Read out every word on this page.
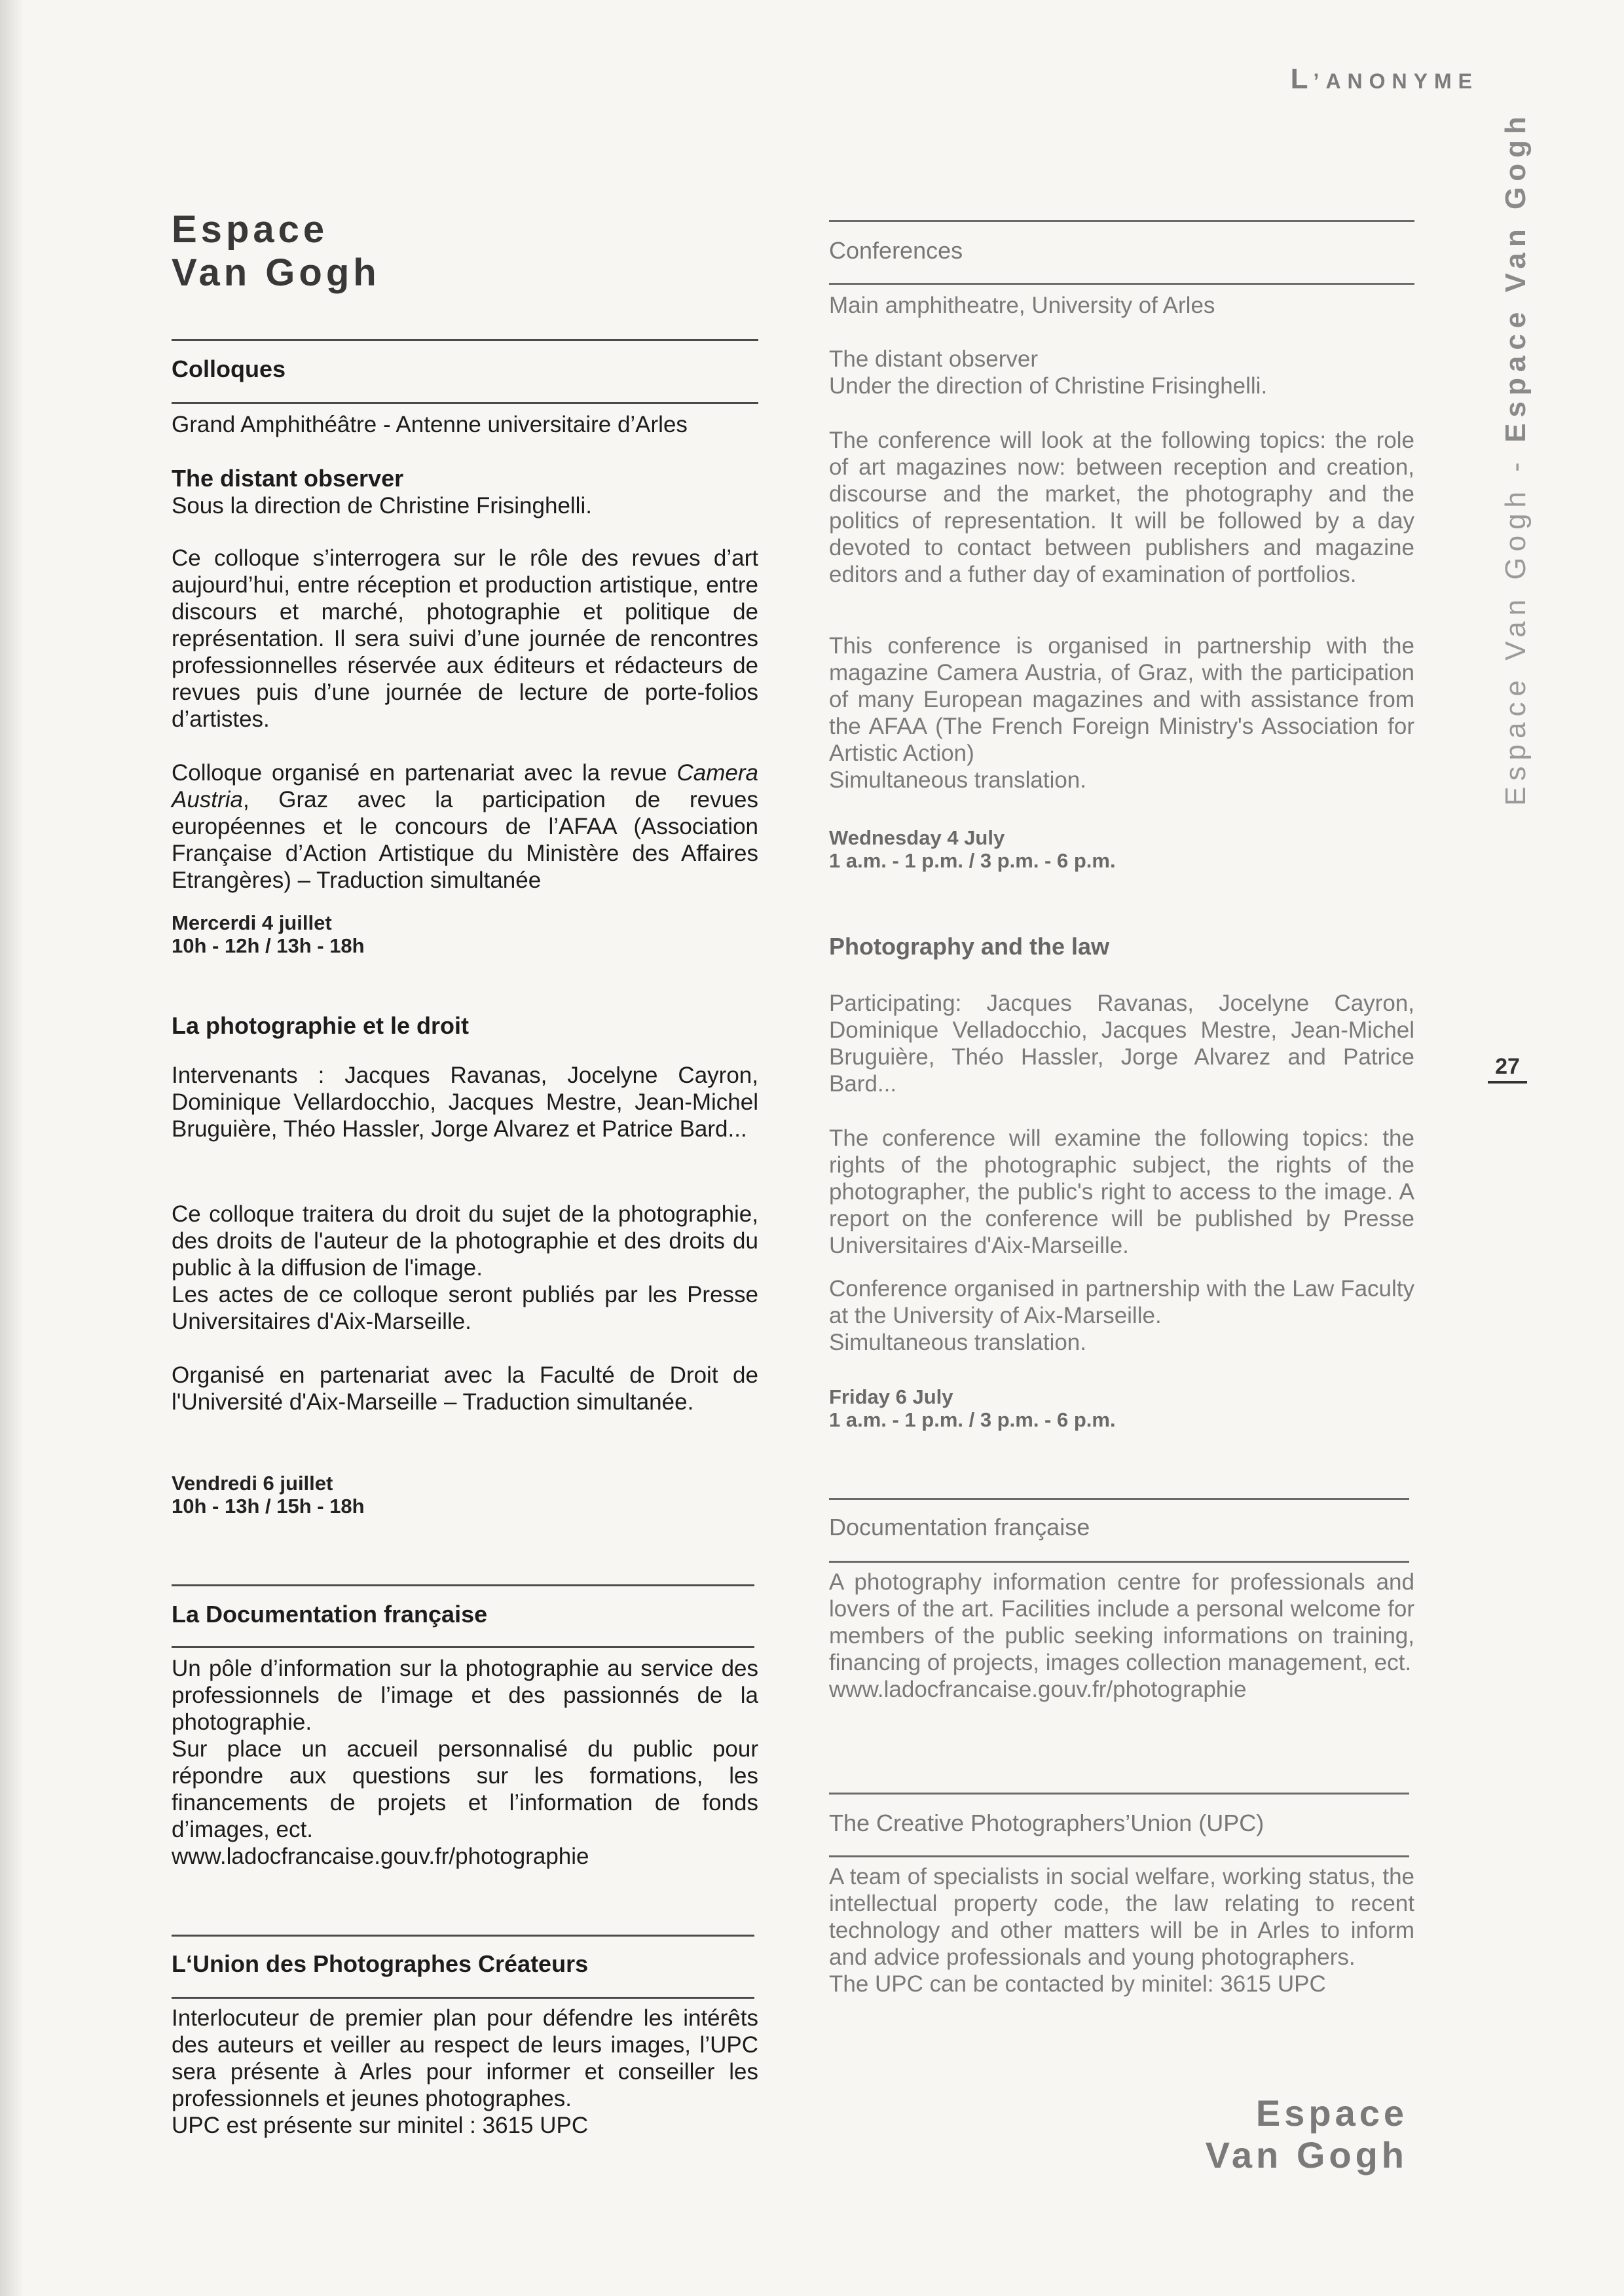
L’ANONYME
Espace Van Gogh - Espace Van Gogh
27
Espace
Van Gogh
Colloques
Grand Amphithéâtre - Antenne universitaire d’Arles

The distant observer

Sous la direction de Christine Frisinghelli.

Ce colloque s’interrogera sur le rôle des revues d’art aujourd’hui, entre réception et production artistique, entre discours et marché, photographie et politique de représentation. Il sera suivi d’une journée de rencontres professionnelles réservée aux éditeurs et rédacteurs de revues puis d’une journée de lecture de porte-folios d’artistes.

Colloque organisé en partenariat avec la revue Camera Austria, Graz avec la participation de revues européennes et le concours de l’AFAA (Association Française d’Action Artistique du Ministère des Affaires Etrangères) – Traduction simultanée

Mercerdi 4 juillet

10h - 12h / 13h - 18h

La photographie et le droit

Intervenants : Jacques Ravanas, Jocelyne Cayron, Dominique Vellardocchio, Jacques Mestre, Jean-Michel Bruguière, Théo Hassler, Jorge Alvarez et Patrice Bard...

Ce colloque traitera du droit du sujet de la photographie, des droits de l'auteur de la photographie et des droits du public à la diffusion de l'image.

Les actes de ce colloque seront publiés par les Presse Universitaires d'Aix-Marseille.

Organisé en partenariat avec la Faculté de Droit de l'Université d'Aix-Marseille – Traduction simultanée.

Vendredi 6 juillet

10h - 13h / 15h - 18h

La Documentation française

Un pôle d’information sur la photographie au service des professionnels de l’image et des passionnés de la photographie.

Sur place un accueil personnalisé du public pour répondre aux questions sur les formations, les financements de projets et l’information de fonds d’images, ect.

www.ladocfrancaise.gouv.fr/photographie

L‘Union des Photographes Créateurs

Interlocuteur de premier plan pour défendre les intérêts des auteurs et veiller au respect de leurs images, l’UPC sera présente à Arles pour informer et conseiller les professionnels et jeunes photographes.

UPC est présente sur minitel : 3615 UPC

Conferences
Main amphitheatre, University of Arles

The distant observer

Under the direction of Christine Frisinghelli.

The conference will look at the following topics: the role of art magazines now: between reception and creation, discourse and the market, the photography and the politics of representation. It will be followed by a day devoted to contact between publishers and magazine editors and a futher day of examination of portfolios.

This conference is organised in partnership with the magazine Camera Austria, of Graz, with the participation of many European magazines and with assistance from the AFAA (The French Foreign Ministry's Association for Artistic Action)

Simultaneous translation.

Wednesday 4 July

1 a.m. - 1 p.m. / 3 p.m. - 6 p.m.

Photography and the law

Participating: Jacques Ravanas, Jocelyne Cayron, Dominique Velladocchio, Jacques Mestre, Jean-Michel Bruguière, Théo Hassler, Jorge Alvarez and Patrice Bard...

The conference will examine the following topics: the rights of the photographic subject, the rights of the photographer, the public's right to access to the image. A report on the conference will be published by Presse Universitaires d'Aix-Marseille.

Conference organised in partnership with the Law Faculty at the University of Aix-Marseille.

Simultaneous translation.

Friday 6 July

1 a.m. - 1 p.m. / 3 p.m. - 6 p.m.

Documentation française

A photography information centre for professionals and lovers of the art. Facilities include a personal welcome for members of the public seeking informations on training, financing of projects, images collection management, ect.

www.ladocfrancaise.gouv.fr/photographie

The Creative Photographers’Union (UPC)

A team of specialists in social welfare, working status, the intellectual property code, the law relating to recent technology and other matters will be in Arles to inform and advice professionals and young photographers.

The UPC can be contacted by minitel: 3615 UPC

Espace
Van Gogh
